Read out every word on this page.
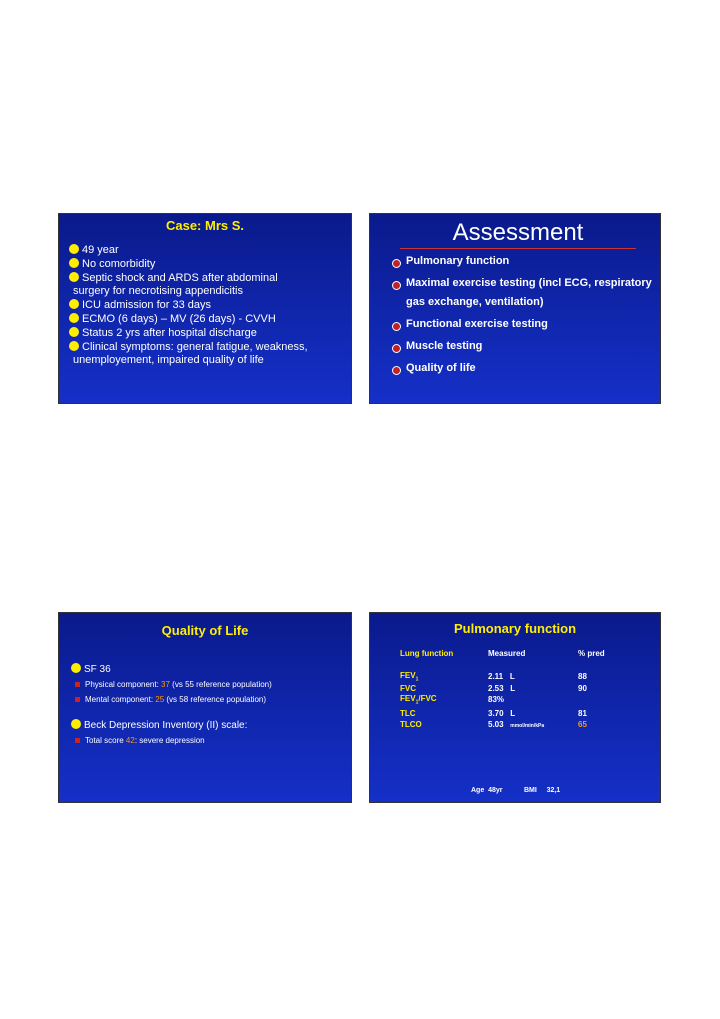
Case: Mrs S.
49 year
No comorbidity
Septic shock and ARDS after abdominal
surgery for necrotising appendicitis
ICU admission for 33 days
ECMO (6 days) – MV (26 days) - CVVH
Status 2 yrs after hospital discharge
Clinical symptoms: general fatigue, weakness,
unemployement, impaired quality of life
Assessment
Pulmonary function
Maximal exercise testing (incl ECG, respiratory
gas exchange, ventilation)
Functional exercise testing
Muscle testing
Quality of life
Quality of Life
SF 36
Physical component: 37 (vs 55 reference population)
Mental component: 25 (vs 58 reference population)
Beck Depression Inventory (II) scale:
Total score 42: severe depression
Pulmonary function
Lung function	Measured	% pred

$FEV_1$	2.11 L	88
FVC	2.53 L	90
$FEV_1$/FVC	83%	

TLC	3.70 L	81
TLCO	5.03 mmol/min/kPa	65
Age 48yr	BMI 32,1
